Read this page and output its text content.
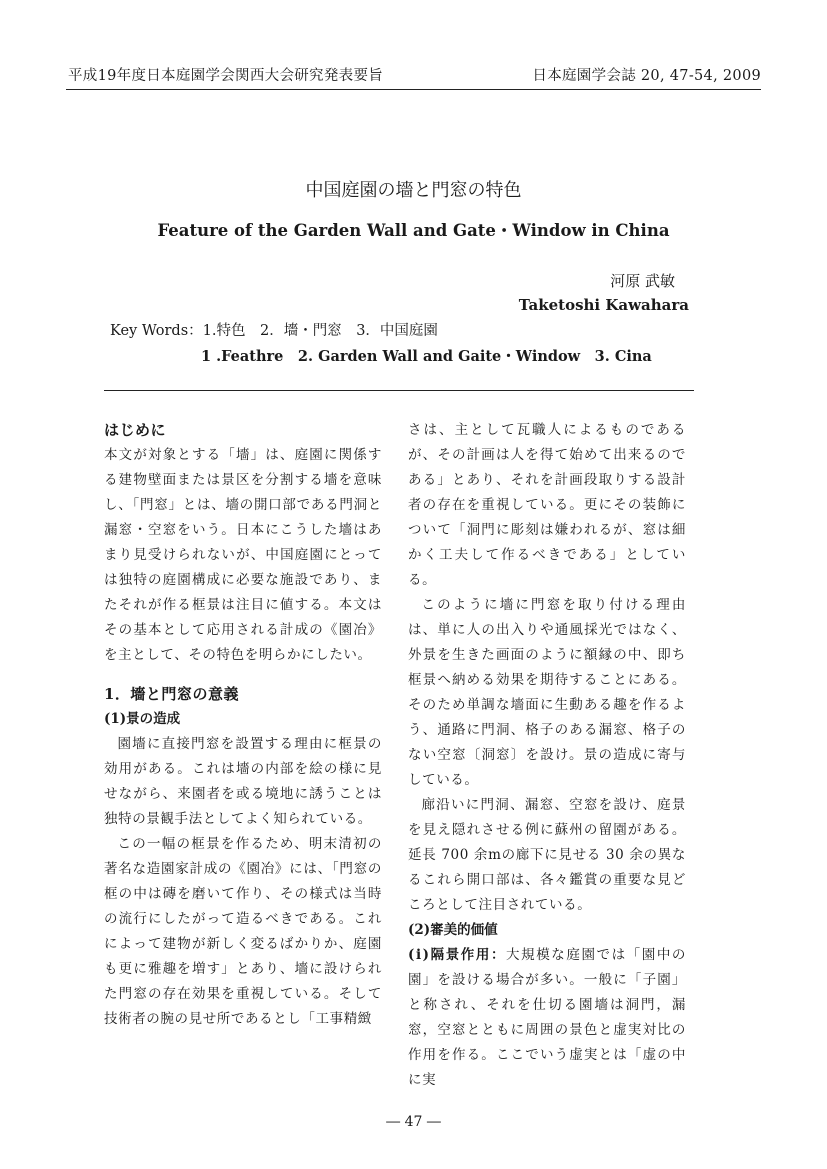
平成19年度日本庭園学会関西大会研究発表要旨	日本庭園学会誌 20, 47-54, 2009
中国庭園の墻と門窓の特色
Feature of the Garden Wall and Gate・Window in China
河原 武敏
Taketoshi Kawahara
Key Words：1.特色　2．墻・門窓　3．中国庭園
1 .Feathre　2. Garden Wall and Gaite・Window　3. Cina
はじめに

本文が対象とする「墻」は、庭園に関係する建物壁面または景区を分割する墻を意味し、「門窓」とは、墻の開口部である門洞と漏窓・空窓をいう。日本にこうした墻はあまり見受けられないが、中国庭園にとっては独特の庭園構成に必要な施設であり、またそれが作る框景は注目に値する。本文はその基本として応用される計成の《園冶》を主として、その特色を明らかにしたい。

1．墻と門窓の意義
(1)景の造成

園墻に直接門窓を設置する理由に框景の効用がある。これは墻の内部を絵の様に見せながら、来園者を或る境地に誘うことは独特の景観手法としてよく知られている。

この一幅の框景を作るため、明末清初の著名な造園家計成の《園冶》には、「門窓の框の中は磚を磨いて作り、その様式は当時の流行にしたがって造るべきである。これによって建物が新しく変るばかりか、庭園も更に雅趣を増す」とあり、墻に設けられた門窓の存在効果を重視している。そして技術者の腕の見せ所であるとし「工事精緻

さは、主として瓦職人によるものであるが、その計画は人を得て始めて出来るのである」とあり、それを計画段取りする設計者の存在を重視している。更にその装飾について「洞門に彫刻は嫌われるが、窓は細かく工夫して作るべきである」としている。

このように墻に門窓を取り付ける理由は、単に人の出入りや通風採光ではなく、外景を生きた画面のように額縁の中、即ち框景へ納める効果を期待することにある。そのため単調な墻面に生動ある趣を作るよう、通路に門洞、格子のある漏窓、格子のない空窓〔洞窓〕を設け。景の造成に寄与している。

廊沿いに門洞、漏窓、空窓を設け、庭景を見え隠れさせる例に蘇州の留園がある。延長 700 余mの廊下に見せる 30 余の異なるこれら開口部は、各々鑑賞の重要な見どころとして注目されている。

(2)審美的価値

(ⅰ)隔景作用：大規模な庭園では「園中の園」を設ける場合が多い。一般に「子園」と称され、それを仕切る園墻は洞門，漏窓，空窓とともに周囲の景色と虚実対比の作用を作る。ここでいう虚実とは「虚の中に実

― 47 ―
